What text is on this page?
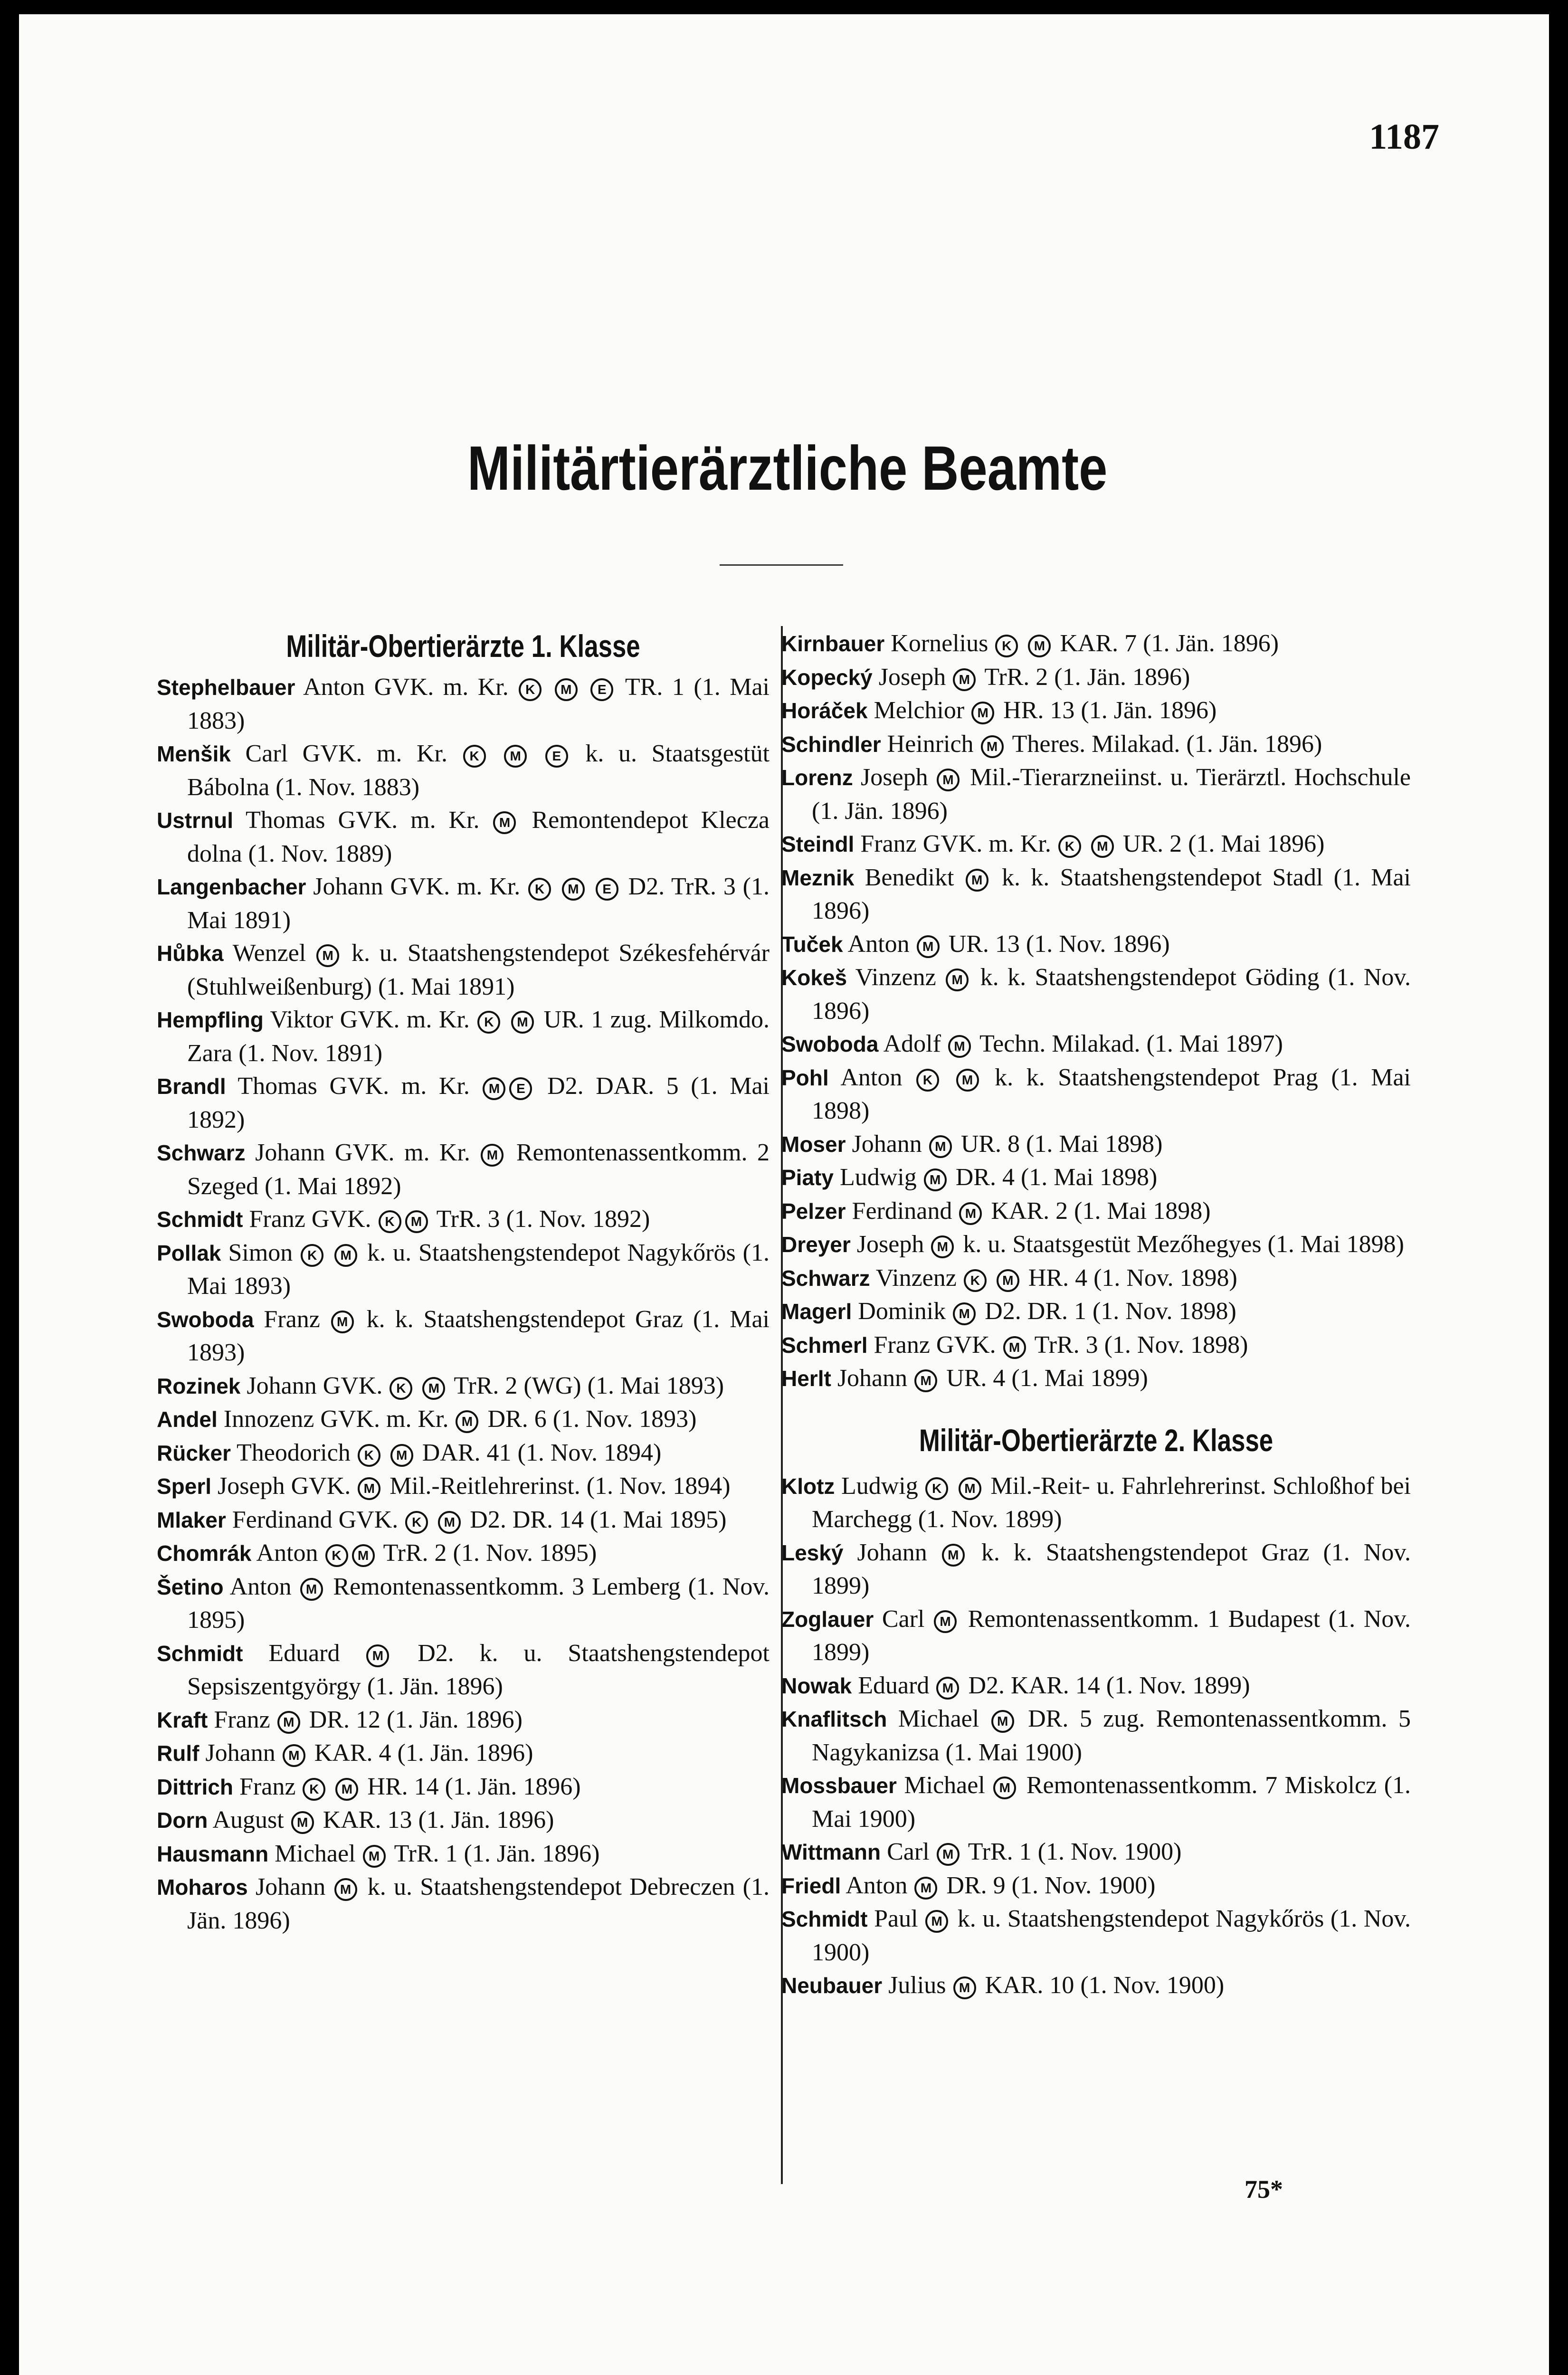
1187
Militärtierärztliche Beamte
Militär-Obertierärzte 1. Klasse

Stephelbauer Anton GVK. m. Kr. K M E TR. 1 (1. Mai 1883)

Menšik Carl GVK. m. Kr. K M E k. u. Staatsgestüt Bábolna (1. Nov. 1883)

Ustrnul Thomas GVK. m. Kr. M Remontendepot Klecza dolna (1. Nov. 1889)

Langenbacher Johann GVK. m. Kr. K M E D2. TrR. 3 (1. Mai 1891)

Hůbka Wenzel M k. u. Staatshengstendepot Székesfehérvár (Stuhlweißenburg) (1. Mai 1891)

Hempfling Viktor GVK. m. Kr. K M UR. 1 zug. Milkomdo. Zara (1. Nov. 1891)

Brandl Thomas GVK. m. Kr. M E D2. DAR. 5 (1. Mai 1892)

Schwarz Johann GVK. m. Kr. M Remontenassentkomm. 2 Szeged (1. Mai 1892)

Schmidt Franz GVK. K M TrR. 3 (1. Nov. 1892)

Pollak Simon K M k. u. Staatshengstendepot Nagykőrös (1. Mai 1893)

Swoboda Franz M k. k. Staatshengstendepot Graz (1. Mai 1893)

Rozinek Johann GVK. K M TrR. 2 (WG) (1. Mai 1893)

Andel Innozenz GVK. m. Kr. M DR. 6 (1. Nov. 1893)

Rücker Theodorich K M DAR. 41 (1. Nov. 1894)

Sperl Joseph GVK. M Mil.-Reitlehrerinst. (1. Nov. 1894)

Mlaker Ferdinand GVK. K M D2. DR. 14 (1. Mai 1895)

Chomrák Anton K M TrR. 2 (1. Nov. 1895)

Šetino Anton M Remontenassentkomm. 3 Lemberg (1. Nov. 1895)

Schmidt Eduard M D2. k. u. Staatshengstendepot Sepsiszentgyörgy (1. Jän. 1896)

Kraft Franz M DR. 12 (1. Jän. 1896)

Rulf Johann M KAR. 4 (1. Jän. 1896)

Dittrich Franz K M HR. 14 (1. Jän. 1896)

Dorn August M KAR. 13 (1. Jän. 1896)

Hausmann Michael M TrR. 1 (1. Jän. 1896)

Moharos Johann M k. u. Staatshengstendepot Debreczen (1. Jän. 1896)

Kirnbauer Kornelius K M KAR. 7 (1. Jän. 1896)

Kopecký Joseph M TrR. 2 (1. Jän. 1896)

Horáček Melchior M HR. 13 (1. Jän. 1896)

Schindler Heinrich M Theres. Milakad. (1. Jän. 1896)

Lorenz Joseph M Mil.-Tierarzneiinst. u. Tierärztl. Hochschule (1. Jän. 1896)

Steindl Franz GVK. m. Kr. K M UR. 2 (1. Mai 1896)

Meznik Benedikt M k. k. Staatshengstendepot Stadl (1. Mai 1896)

Tuček Anton M UR. 13 (1. Nov. 1896)

Kokeš Vinzenz M k. k. Staatshengstendepot Göding (1. Nov. 1896)

Swoboda Adolf M Techn. Milakad. (1. Mai 1897)

Pohl Anton K M k. k. Staatshengstendepot Prag (1. Mai 1898)

Moser Johann M UR. 8 (1. Mai 1898)

Piaty Ludwig M DR. 4 (1. Mai 1898)

Pelzer Ferdinand M KAR. 2 (1. Mai 1898)

Dreyer Joseph M k. u. Staatsgestüt Mezőhegyes (1. Mai 1898)

Schwarz Vinzenz K M HR. 4 (1. Nov. 1898)

Magerl Dominik M D2. DR. 1 (1. Nov. 1898)

Schmerl Franz GVK. M TrR. 3 (1. Nov. 1898)

Herlt Johann M UR. 4 (1. Mai 1899)

Militär-Obertierärzte 2. Klasse

Klotz Ludwig K M Mil.-Reit- u. Fahrlehrerinst. Schloßhof bei Marchegg (1. Nov. 1899)

Leský Johann M k. k. Staatshengstendepot Graz (1. Nov. 1899)

Zoglauer Carl M Remontenassentkomm. 1 Budapest (1. Nov. 1899)

Nowak Eduard M D2. KAR. 14 (1. Nov. 1899)

Knaflitsch Michael M DR. 5 zug. Remontenassentkomm. 5 Nagykanizsa (1. Mai 1900)

Mossbauer Michael M Remontenassentkomm. 7 Miskolcz (1. Mai 1900)

Wittmann Carl M TrR. 1 (1. Nov. 1900)

Friedl Anton M DR. 9 (1. Nov. 1900)

Schmidt Paul M k. u. Staatshengstendepot Nagykőrös (1. Nov. 1900)

Neubauer Julius M KAR. 10 (1. Nov. 1900)

75*
